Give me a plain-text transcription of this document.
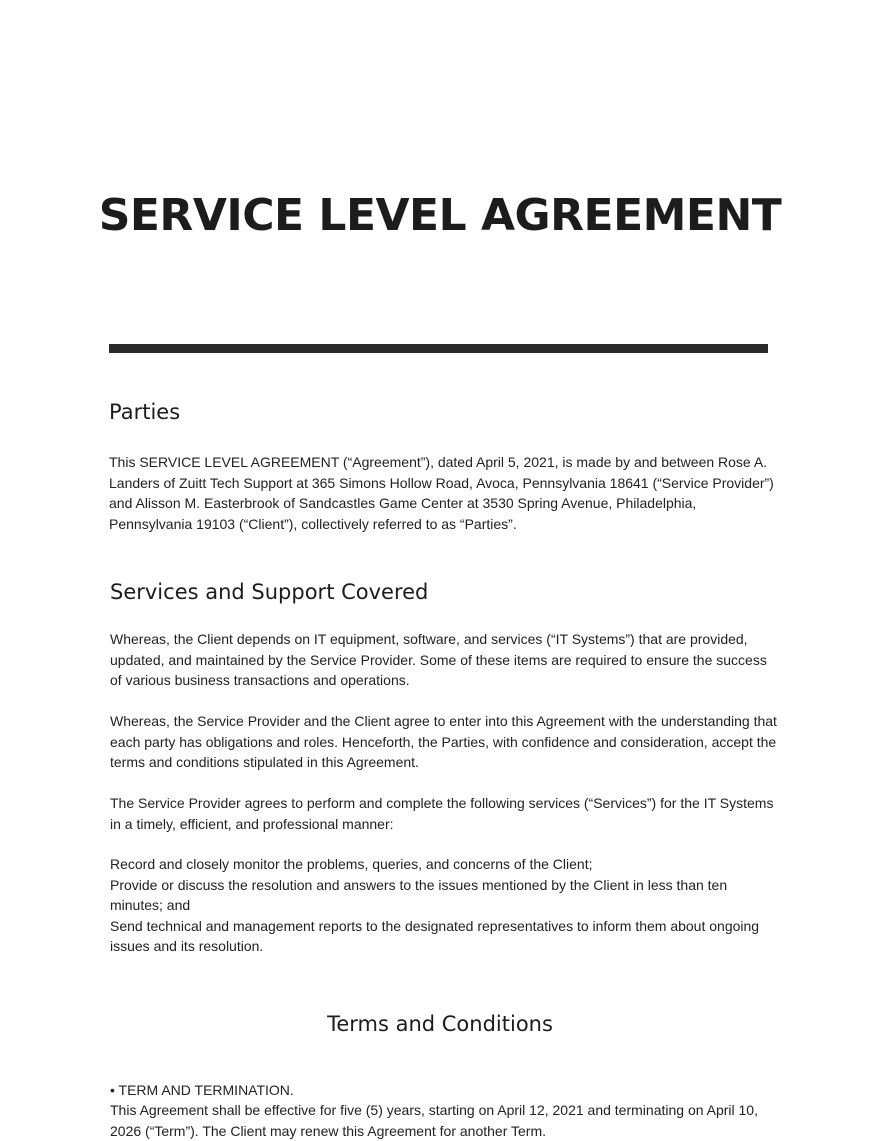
SERVICE LEVEL AGREEMENT
Parties

This SERVICE LEVEL AGREEMENT (“Agreement”), dated April 5, 2021, is made by and between Rose A. Landers of Zuitt Tech Support at 365 Simons Hollow Road, Avoca, Pennsylvania 18641 (“Service Provider”) and Alisson M. Easterbrook of Sandcastles Game Center at 3530 Spring Avenue, Philadelphia, Pennsylvania 19103 (“Client”), collectively referred to as “Parties”.

Services and Support Covered

Whereas, the Client depends on IT equipment, software, and services (“IT Systems”) that are provided, updated, and maintained by the Service Provider. Some of these items are required to ensure the success of various business transactions and operations.

Whereas, the Service Provider and the Client agree to enter into this Agreement with the understanding that each party has obligations and roles. Henceforth, the Parties, with confidence and consideration, accept the terms and conditions stipulated in this Agreement.

The Service Provider agrees to perform and complete the following services (“Services”) for the IT Systems in a timely, efficient, and professional manner:

Record and closely monitor the problems, queries, and concerns of the Client;
Provide or discuss the resolution and answers to the issues mentioned by the Client in less than ten minutes; and
Send technical and management reports to the designated representatives to inform them about ongoing issues and its resolution.
Terms and Conditions

• TERM AND TERMINATION.

This Agreement shall be effective for five (5) years, starting on April 12, 2021 and terminating on April 10, 2026 (“Term”). The Client may renew this Agreement for another Term.
